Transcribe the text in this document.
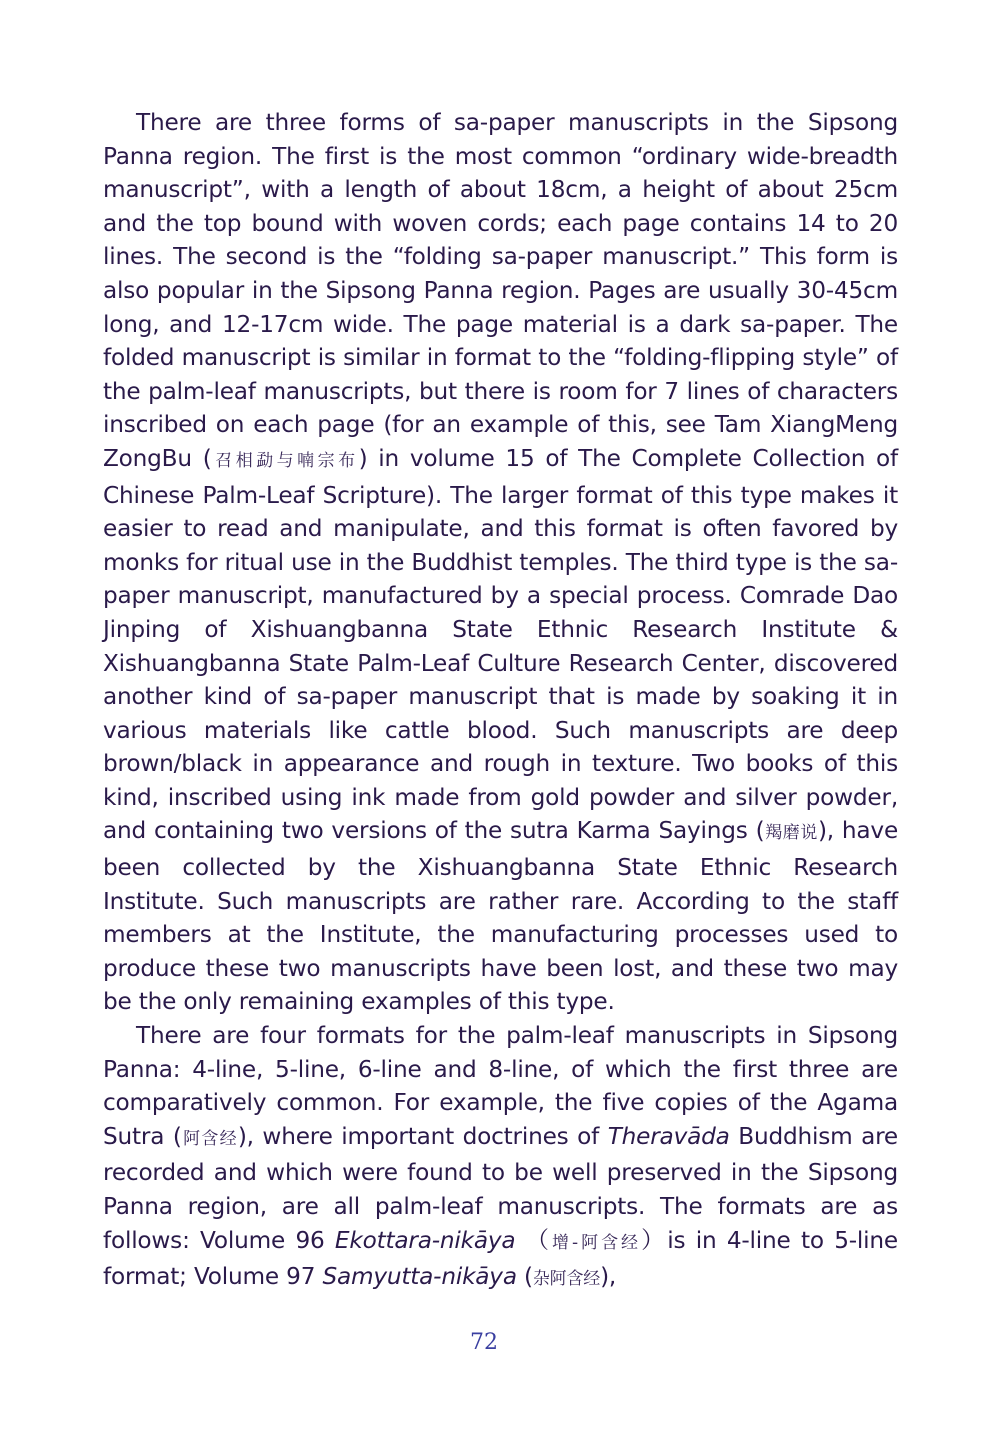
There are three forms of sa-paper manuscripts in the Sipsong Panna region. The first is the most common “ordinary wide-breadth manuscript”, with a length of about 18cm, a height of about 25cm and the top bound with woven cords; each page contains 14 to 20 lines. The second is the “folding sa-paper manuscript.” This form is also popular in the Sipsong Panna region. Pages are usually 30-45cm long, and 12-17cm wide. The page material is a dark sa-paper. The folded manuscript is similar in format to the “folding-flipping style” of the palm-leaf manuscripts, but there is room for 7 lines of characters inscribed on each page (for an example of this, see Tam XiangMeng ZongBu (召相勐与喃宗布) in volume 15 of The Complete Collection of Chinese Palm-Leaf Scripture). The larger format of this type makes it easier to read and manipulate, and this format is often favored by monks for ritual use in the Buddhist temples. The third type is the sa-paper manuscript, manufactured by a special process. Comrade Dao Jinping of Xishuangbanna State Ethnic Research Institute & Xishuangbanna State Palm-Leaf Culture Research Center, discovered another kind of sa-paper manuscript that is made by soaking it in various materials like cattle blood. Such manuscripts are deep brown/black in appearance and rough in texture. Two books of this kind, inscribed using ink made from gold powder and silver powder, and containing two versions of the sutra Karma Sayings (羯磨说), have been collected by the Xishuangbanna State Ethnic Research Institute. Such manuscripts are rather rare. According to the staff members at the Institute, the manufacturing processes used to produce these two manuscripts have been lost, and these two may be the only remaining examples of this type.

There are four formats for the palm-leaf manuscripts in Sipsong Panna: 4-line, 5-line, 6-line and 8-line, of which the first three are comparatively common. For example, the five copies of the Agama Sutra (阿含经), where important doctrines of Theravāda Buddhism are recorded and which were found to be well preserved in the Sipsong Panna region, are all palm-leaf manuscripts. The formats are as follows: Volume 96 Ekottara-nikāya （增-阿含经）is in 4-line to 5-line format; Volume 97 Samyutta-nikāya (杂阿含经),

72
